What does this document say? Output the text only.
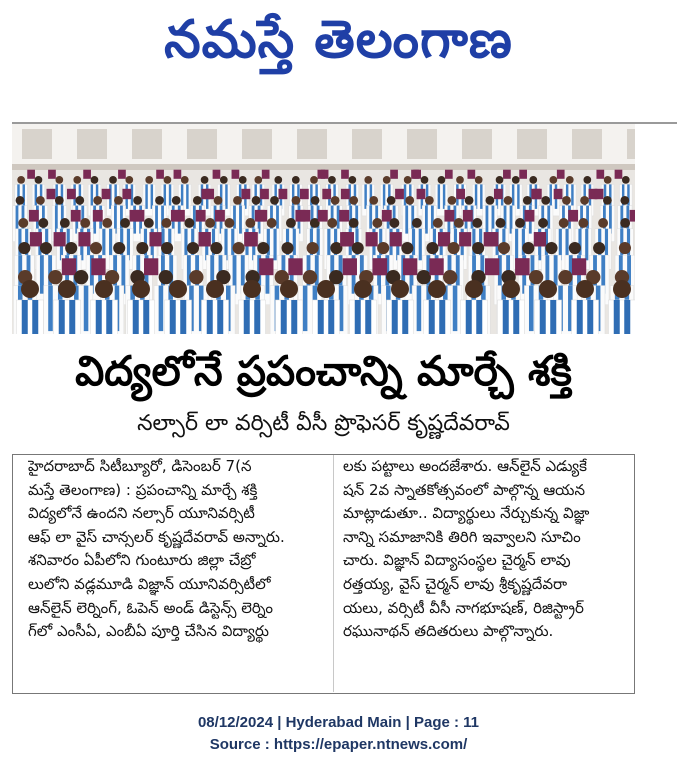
నమస్తే తెలంగాణ
విద్యలోనే ప్రపంచాన్ని మార్చే శక్తి
నల్సార్ లా వర్సిటీ వీసీ ప్రొఫెసర్ కృష్ణదేవరావ్

హైదరాబాద్ సిటీబ్యూరో, డిసెంబర్ 7(న

మస్తే తెలంగాణ) : ప్రపంచాన్ని మార్చే శక్తి

విద్యలోనే ఉందని నల్సార్ యూనివర్సిటీ

ఆఫ్ లా వైస్ చాన్సలర్ కృష్ణదేవరావ్ అన్నారు.

శనివారం ఏపీలోని గుంటూరు జిల్లా చేబ్రో

లులోని వడ్లమూడి విజ్ఞాన్ యూనివర్సిటీలో

ఆన్‌లైన్ లెర్నింగ్, ఓపెన్ అండ్ డిస్టెన్స్ లెర్నిం

గ్‌లో ఎంసీఏ, ఎంబీఏ పూర్తి చేసిన విద్యార్థు

లకు పట్టాలు అందజేశారు. ఆన్‌లైన్ ఎడ్యుకే

షన్ 2వ స్నాతకోత్సవంలో పాల్గొన్న ఆయన

మాట్లాడుతూ.. విద్యార్థులు నేర్చుకున్న విజ్ఞా

నాన్ని సమాజానికి తిరిగి ఇవ్వాలని సూచిం

చారు. విజ్ఞాన్ విద్యాసంస్థల చైర్మన్ లావు

రత్తయ్య, వైస్ చైర్మన్ లావు శ్రీకృష్ణదేవరా

యలు, వర్సిటీ వీసీ నాగభూషణ్, రిజిస్ట్రార్

రఘునాథన్ తదితరులు పాల్గొన్నారు.

08/12/2024 | Hyderabad Main | Page : 11
Source : https://epaper.ntnews.com/
